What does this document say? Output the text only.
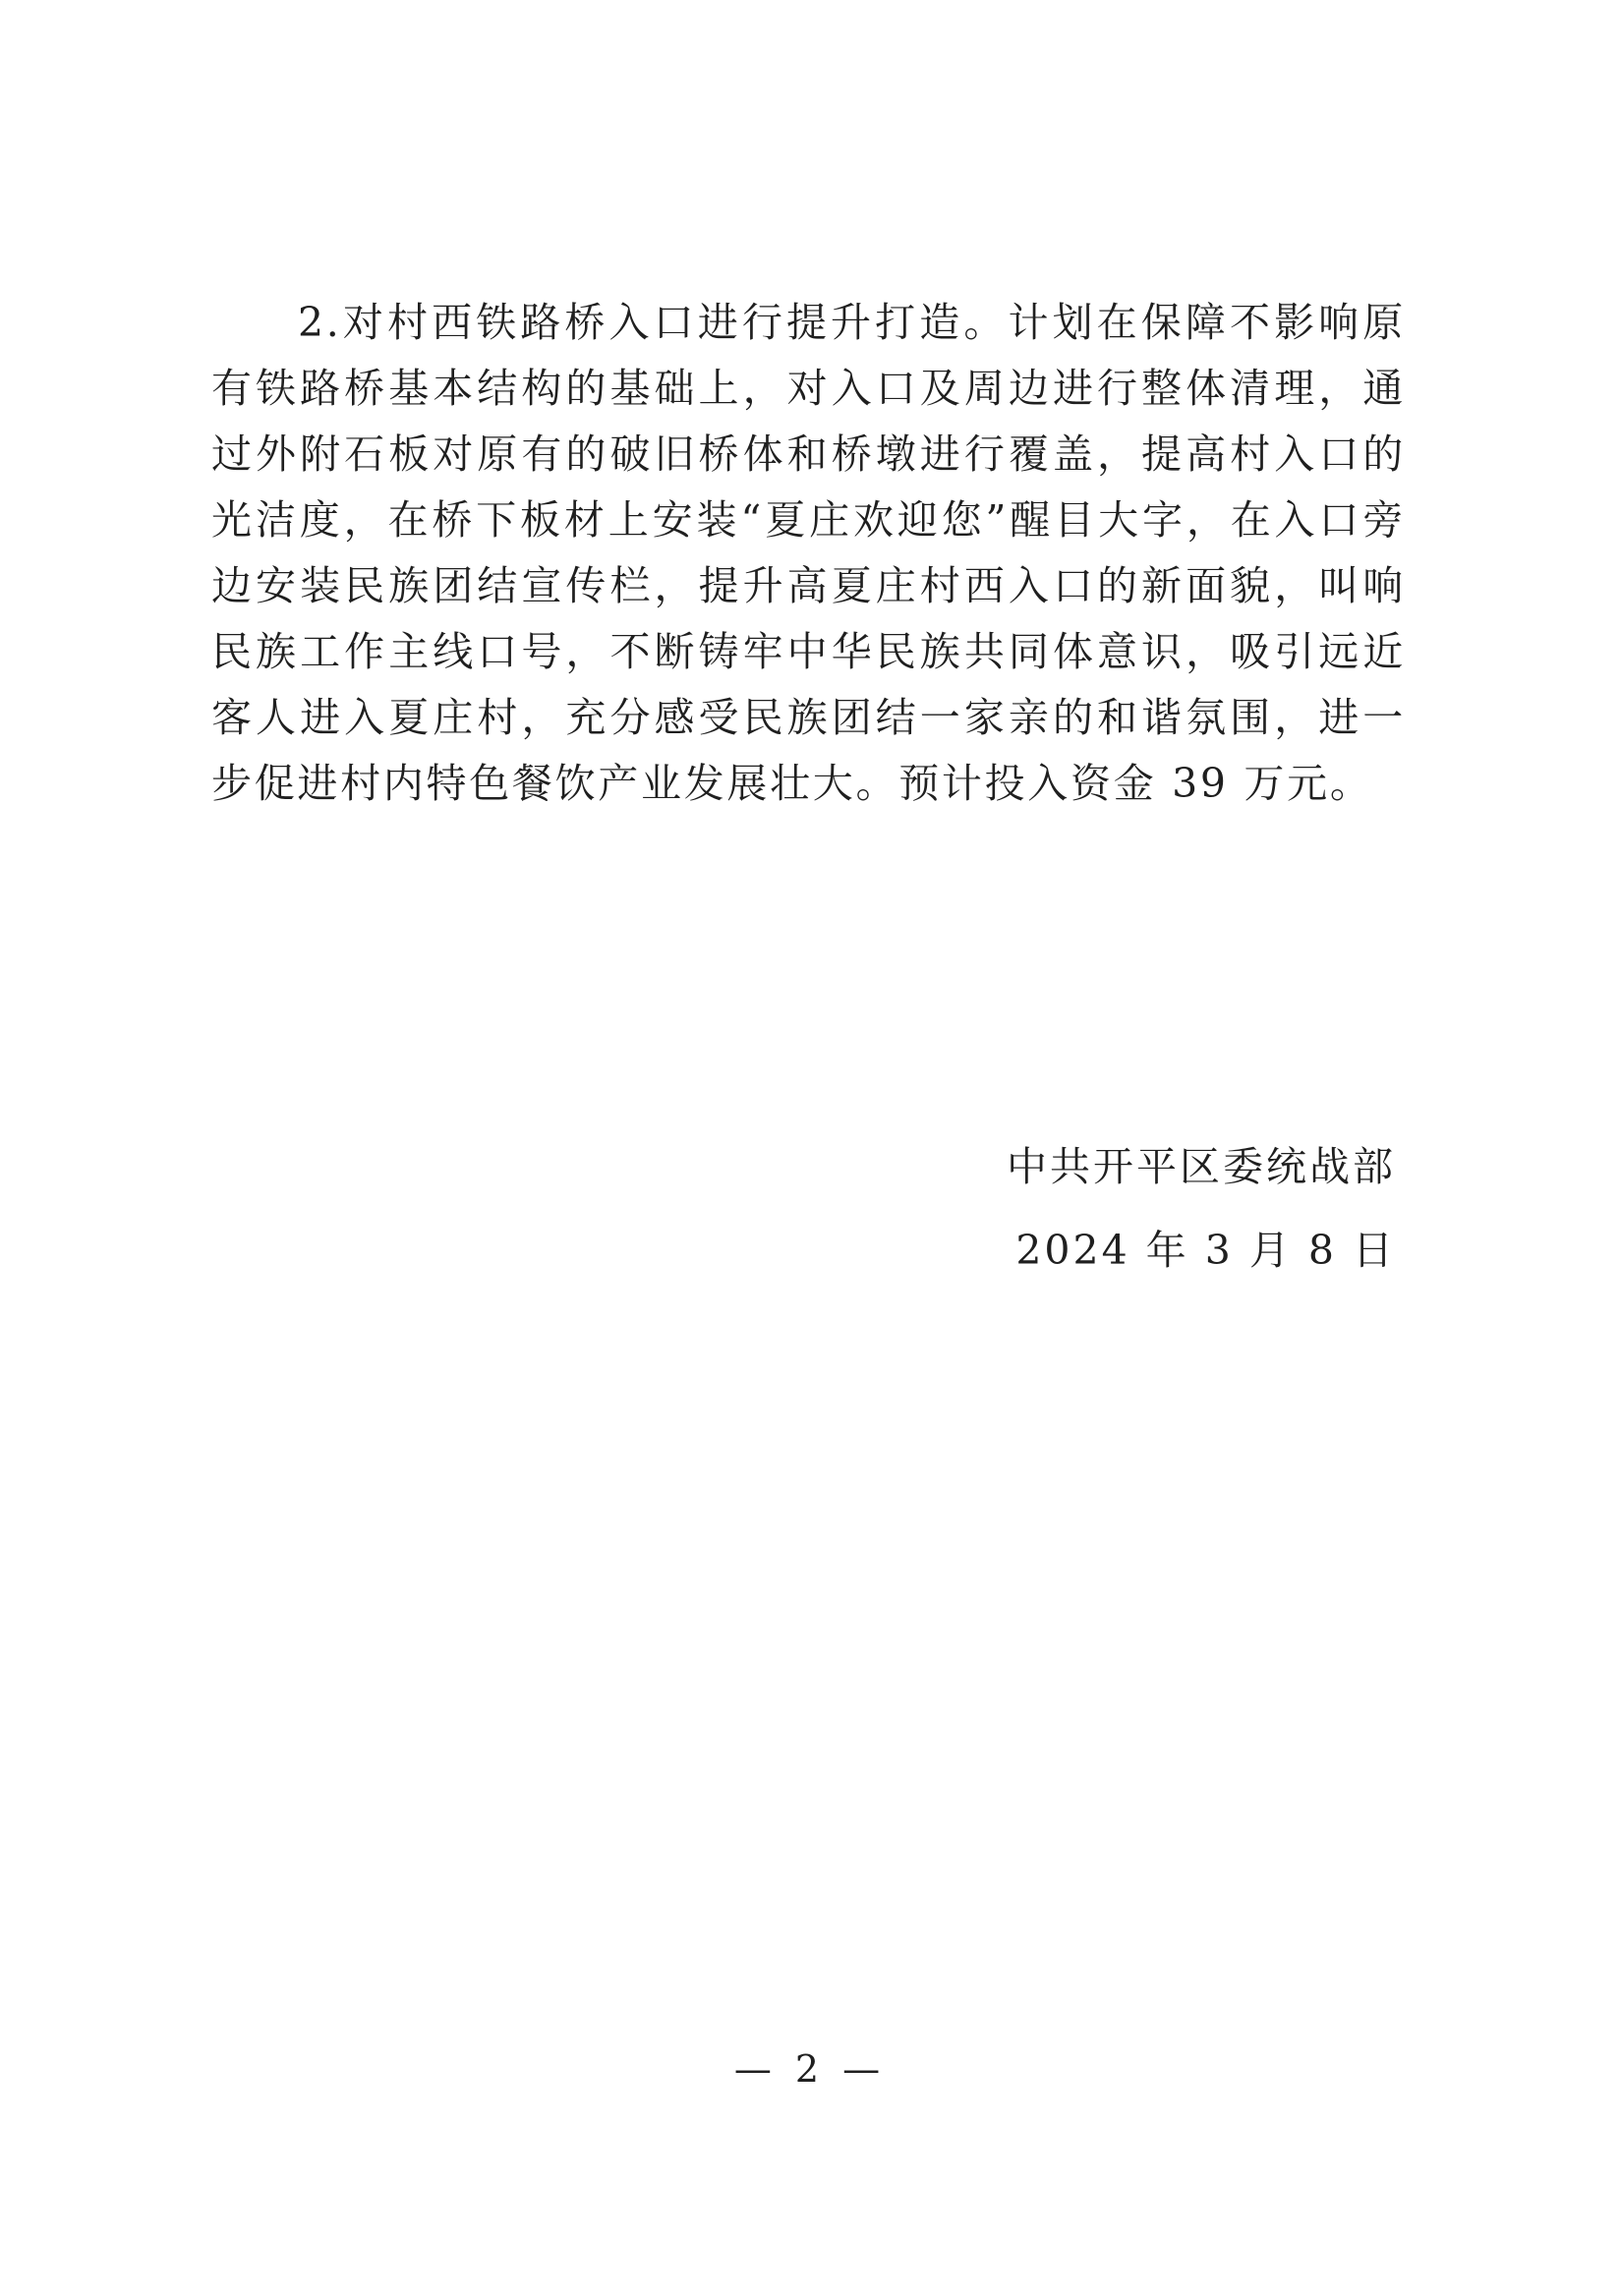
2.对村西铁路桥入口进行提升打造。计划在保障不影响原有铁路桥基本结构的基础上，对入口及周边进行整体清理，通过外附石板对原有的破旧桥体和桥墩进行覆盖，提高村入口的光洁度，在桥下板材上安装“夏庄欢迎您”醒目大字，在入口旁边安装民族团结宣传栏，提升高夏庄村西入口的新面貌，叫响民族工作主线口号，不断铸牢中华民族共同体意识，吸引远近客人进入夏庄村，充分感受民族团结一家亲的和谐氛围，进一步促进村内特色餐饮产业发展壮大。预计投入资金 39 万元。

中共开平区委统战部
2024 年 3 月 8 日
— 2 —
